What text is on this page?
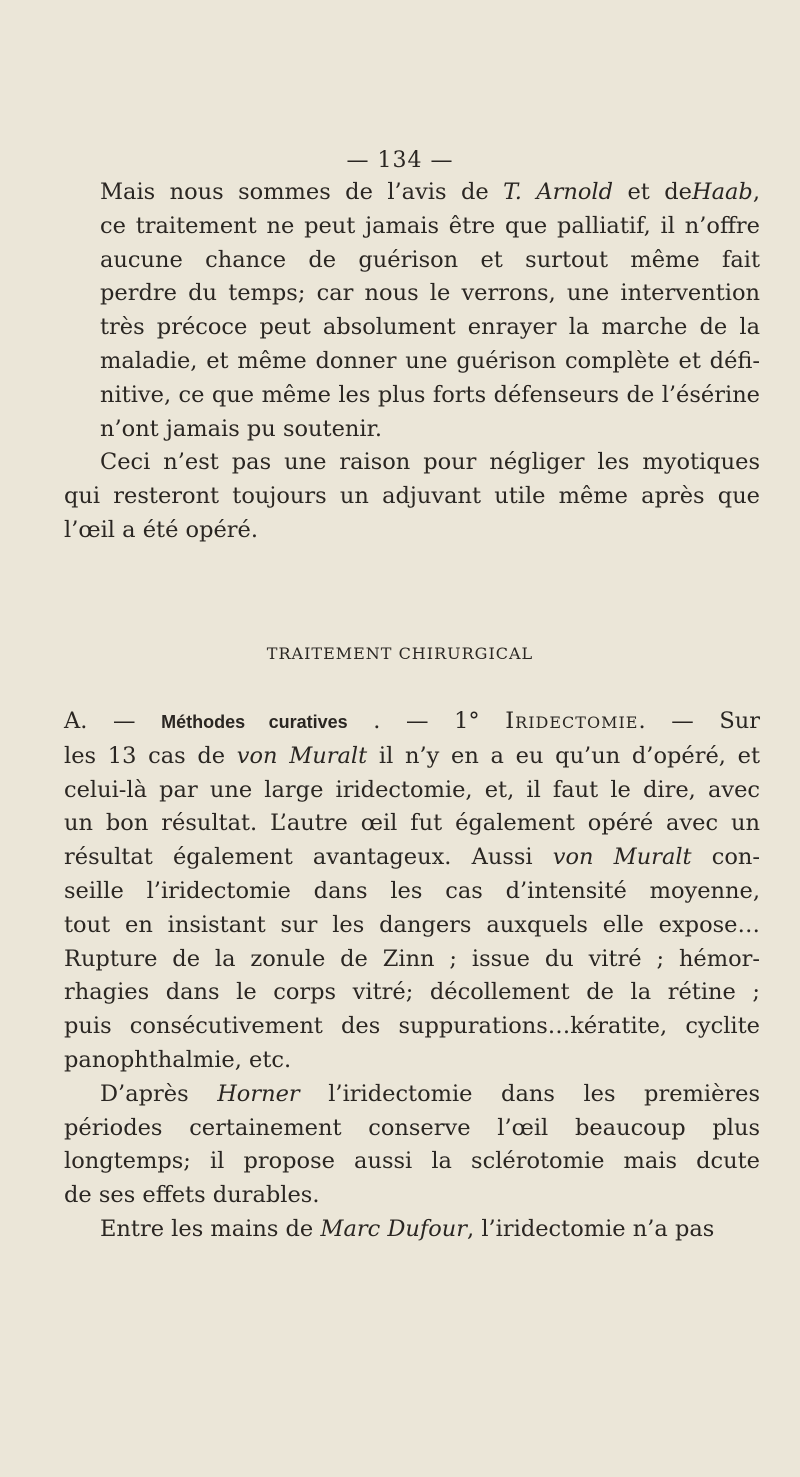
— 134 —

Mais nous sommes de l’avis de T. Arnold et deHaab,
ce traitement ne peut jamais être que palliatif, il n’offre
aucune chance de guérison et surtout même fait
perdre du temps; car nous le verrons, une intervention
très précoce peut absolument enrayer la marche de la
maladie, et même donner une guérison complète et défi-
nitive, ce que même les plus forts défenseurs de l’ésérine
n’ont jamais pu soutenir.

Ceci n’est pas une raison pour négliger les myotiques
qui resteront toujours un adjuvant utile même après que
l’œil a été opéré.

TRAITEMENT CHIRURGICAL

A. — Méthodes curatives . — 1° Iridectomie. — Sur
les 13 cas de von Muralt il n’y en a eu qu’un d’opéré, et
celui-là par une large iridectomie, et, il faut le dire, avec
un bon résultat. L’autre œil fut également opéré avec un
résultat également avantageux. Aussi von Muralt con-
seille l’iridectomie dans les cas d’intensité moyenne,
tout en insistant sur les dangers auxquels elle expose…
Rupture de la zonule de Zinn ; issue du vitré ; hémor-
rhagies dans le corps vitré; décollement de la rétine ;
puis consécutivement des suppurations…kératite, cyclite
panophthalmie, etc.

D’après Horner l’iridectomie dans les premières
périodes certainement conserve l’œil beaucoup plus
longtemps; il propose aussi la sclérotomie mais dcute
de ses effets durables.

Entre les mains de Marc Dufour, l’iridectomie n’a pas
